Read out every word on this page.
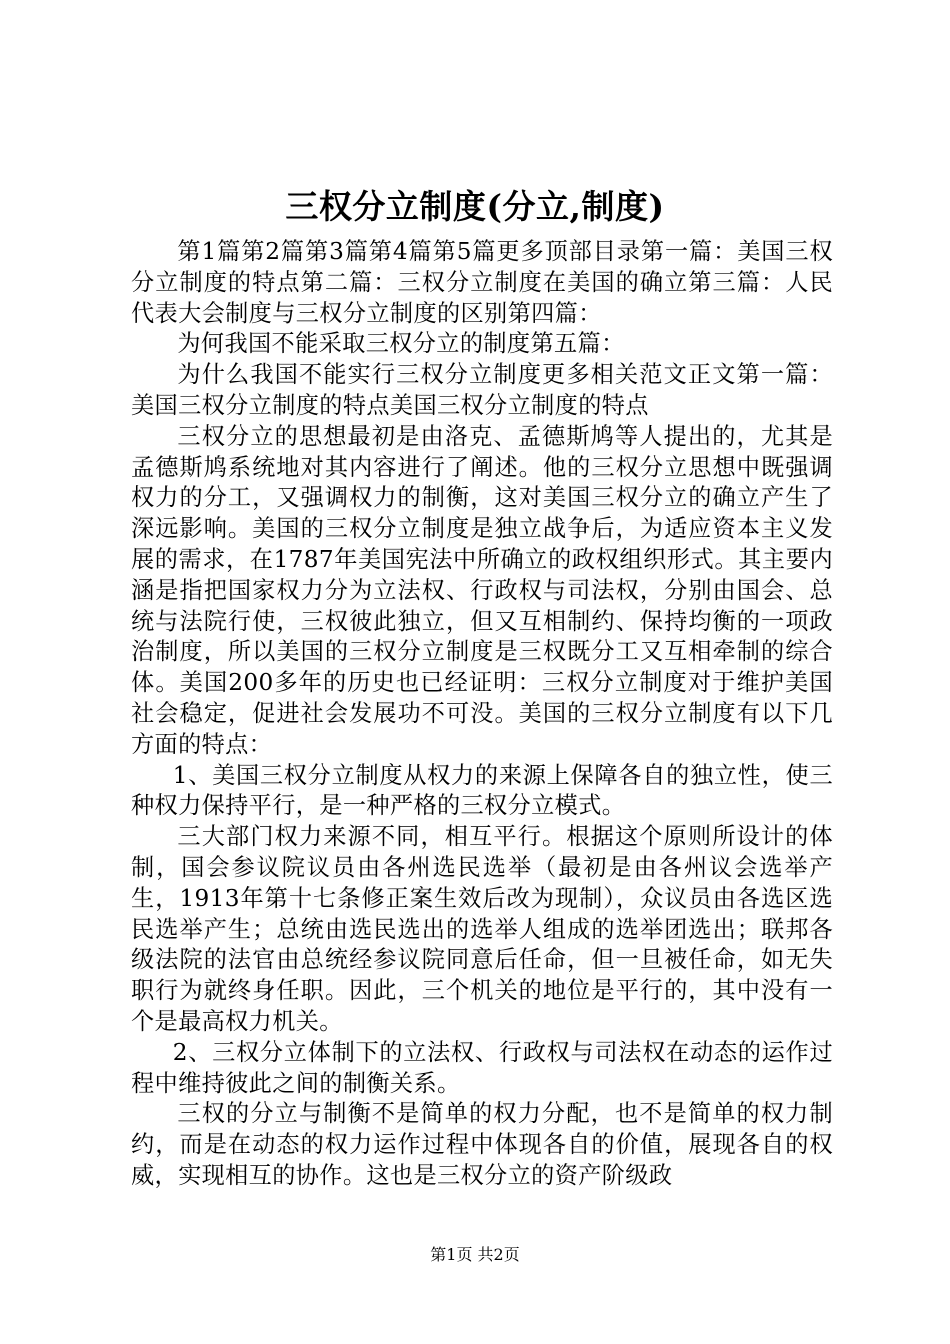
三权分立制度(分立,制度)

第1篇第2篇第3篇第4篇第5篇更多顶部目录第一篇：美国三权分立制度的特点第二篇：三权分立制度在美国的确立第三篇：人民代表大会制度与三权分立制度的区别第四篇：

为何我国不能采取三权分立的制度第五篇：

为什么我国不能实行三权分立制度更多相关范文正文第一篇：美国三权分立制度的特点美国三权分立制度的特点

三权分立的思想最初是由洛克、孟德斯鸠等人提出的，尤其是孟德斯鸠系统地对其内容进行了阐述。他的三权分立思想中既强调权力的分工，又强调权力的制衡，这对美国三权分立的确立产生了深远影响。美国的三权分立制度是独立战争后，为适应资本主义发展的需求，在1787年美国宪法中所确立的政权组织形式。其主要内涵是指把国家权力分为立法权、行政权与司法权，分别由国会、总统与法院行使，三权彼此独立，但又互相制约、保持均衡的一项政治制度，所以美国的三权分立制度是三权既分工又互相牵制的综合体。美国200多年的历史也已经证明：三权分立制度对于维护美国社会稳定，促进社会发展功不可没。美国的三权分立制度有以下几方面的特点：

1、美国三权分立制度从权力的来源上保障各自的独立性，使三种权力保持平行，是一种严格的三权分立模式。

三大部门权力来源不同，相互平行。根据这个原则所设计的体制，国会参议院议员由各州选民选举（最初是由各州议会选举产生，1913年第十七条修正案生效后改为现制），众议员由各选区选民选举产生；总统由选民选出的选举人组成的选举团选出；联邦各级法院的法官由总统经参议院同意后任命，但一旦被任命，如无失职行为就终身任职。因此，三个机关的地位是平行的，其中没有一个是最高权力机关。

2、三权分立体制下的立法权、行政权与司法权在动态的运作过程中维持彼此之间的制衡关系。

三权的分立与制衡不是简单的权力分配，也不是简单的权力制约，而是在动态的权力运作过程中体现各自的价值，展现各自的权威，实现相互的协作。这也是三权分立的资产阶级政

第1页 共2页
